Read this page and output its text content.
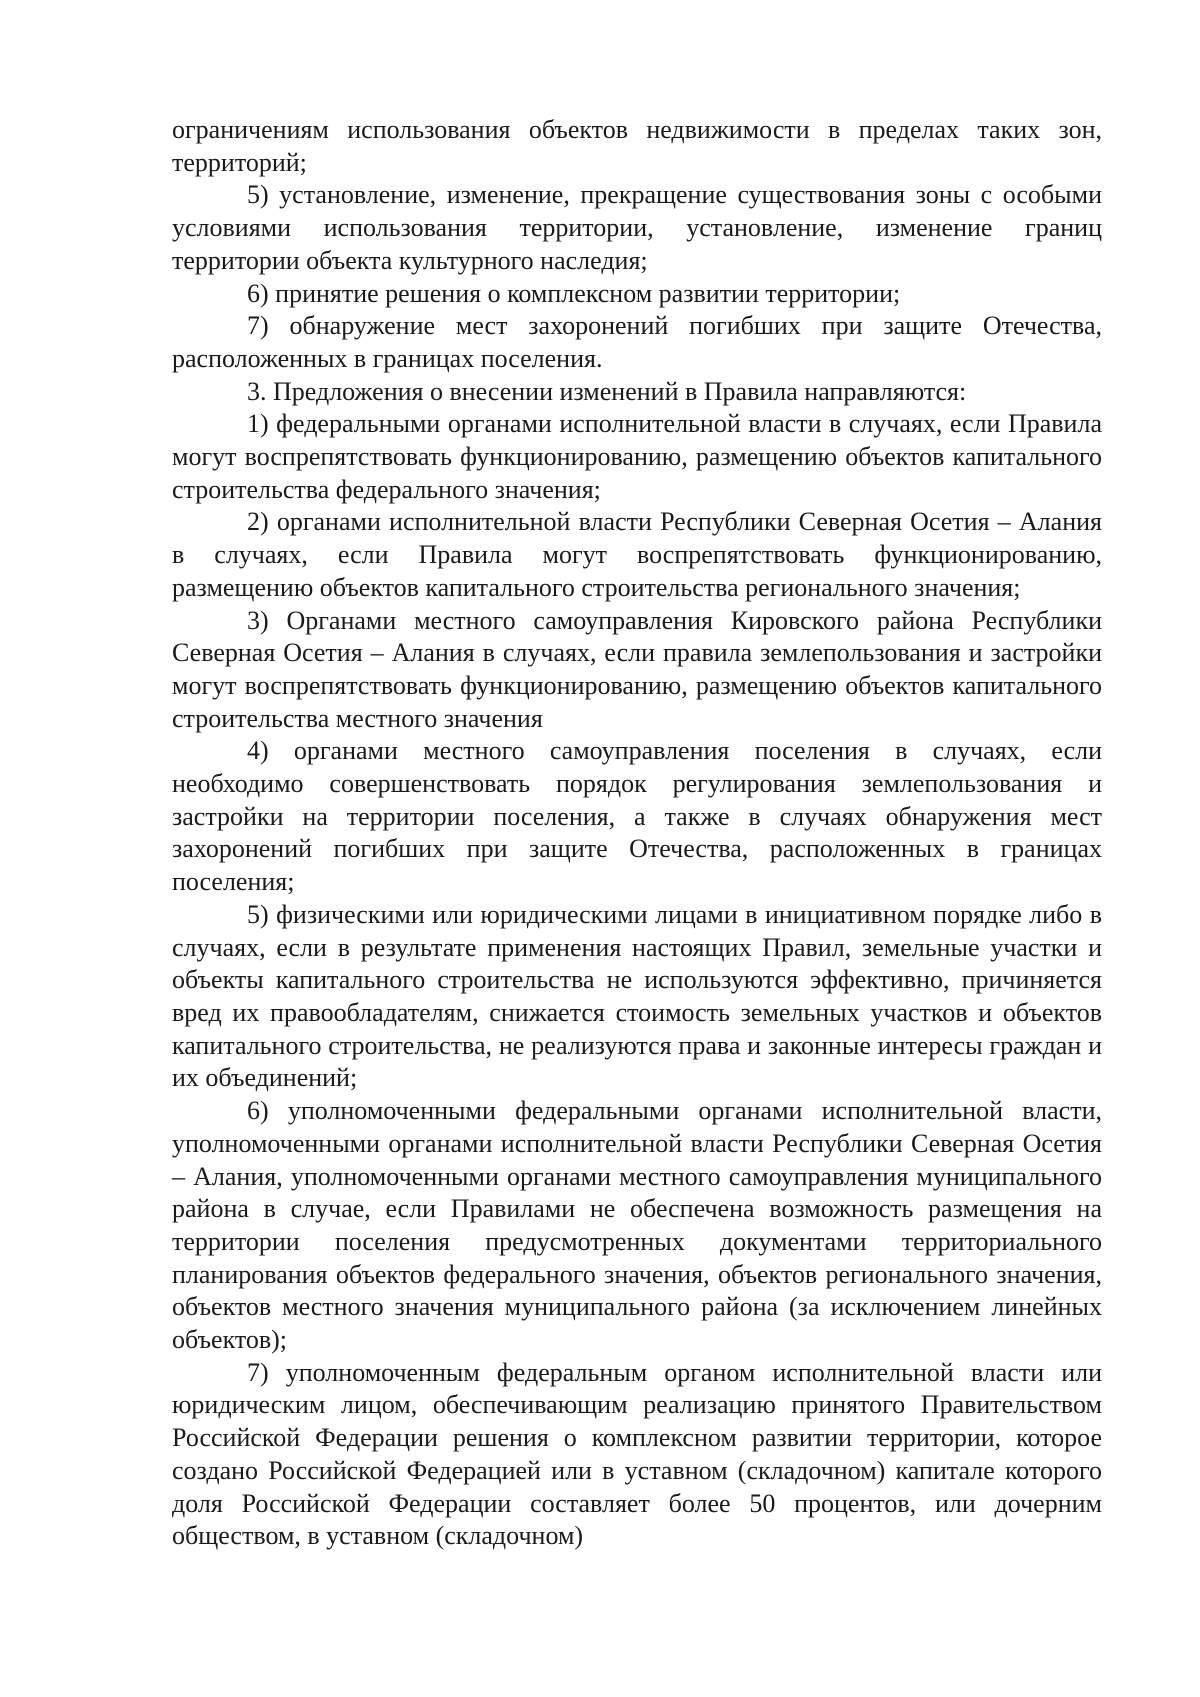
ограничениям использования объектов недвижимости в пределах таких зон, территорий;

5) установление, изменение, прекращение существования зоны с особыми условиями использования территории, установление, изменение границ территории объекта культурного наследия;

6) принятие решения о комплексном развитии территории;

7) обнаружение мест захоронений погибших при защите Отечества, расположенных в границах поселения.

3. Предложения о внесении изменений в Правила направляются:

1) федеральными органами исполнительной власти в случаях, если Правила могут воспрепятствовать функционированию, размещению объектов капитального строительства федерального значения;

2) органами исполнительной власти Республики Северная Осетия – Алания в случаях, если Правила могут воспрепятствовать функционированию, размещению объектов капитального строительства регионального значения;

3) Органами местного самоуправления Кировского района Республики Северная Осетия – Алания в случаях, если правила землепользования и застройки могут воспрепятствовать функционированию, размещению объектов капитального строительства местного значения

4) органами местного самоуправления поселения в случаях, если необходимо совершенствовать порядок регулирования землепользования и застройки на территории поселения, а также в случаях обнаружения мест захоронений погибших при защите Отечества, расположенных в границах поселения;

5) физическими или юридическими лицами в инициативном порядке либо в случаях, если в результате применения настоящих Правил, земельные участки и объекты капитального строительства не используются эффективно, причиняется вред их правообладателям, снижается стоимость земельных участков и объектов капитального строительства, не реализуются права и законные интересы граждан и их объединений;

6) уполномоченными федеральными органами исполнительной власти, уполномоченными органами исполнительной власти Республики Северная Осетия – Алания, уполномоченными органами местного самоуправления муниципального района в случае, если Правилами не обеспечена возможность размещения на территории поселения предусмотренных документами территориального планирования объектов федерального значения, объектов регионального значения, объектов местного значения муниципального района (за исключением линейных объектов);

7) уполномоченным федеральным органом исполнительной власти или юридическим лицом, обеспечивающим реализацию принятого Правительством Российской Федерации решения о комплексном развитии территории, которое создано Российской Федерацией или в уставном (складочном) капитале которого доля Российской Федерации составляет более 50 процентов, или дочерним обществом, в уставном (складочном)
